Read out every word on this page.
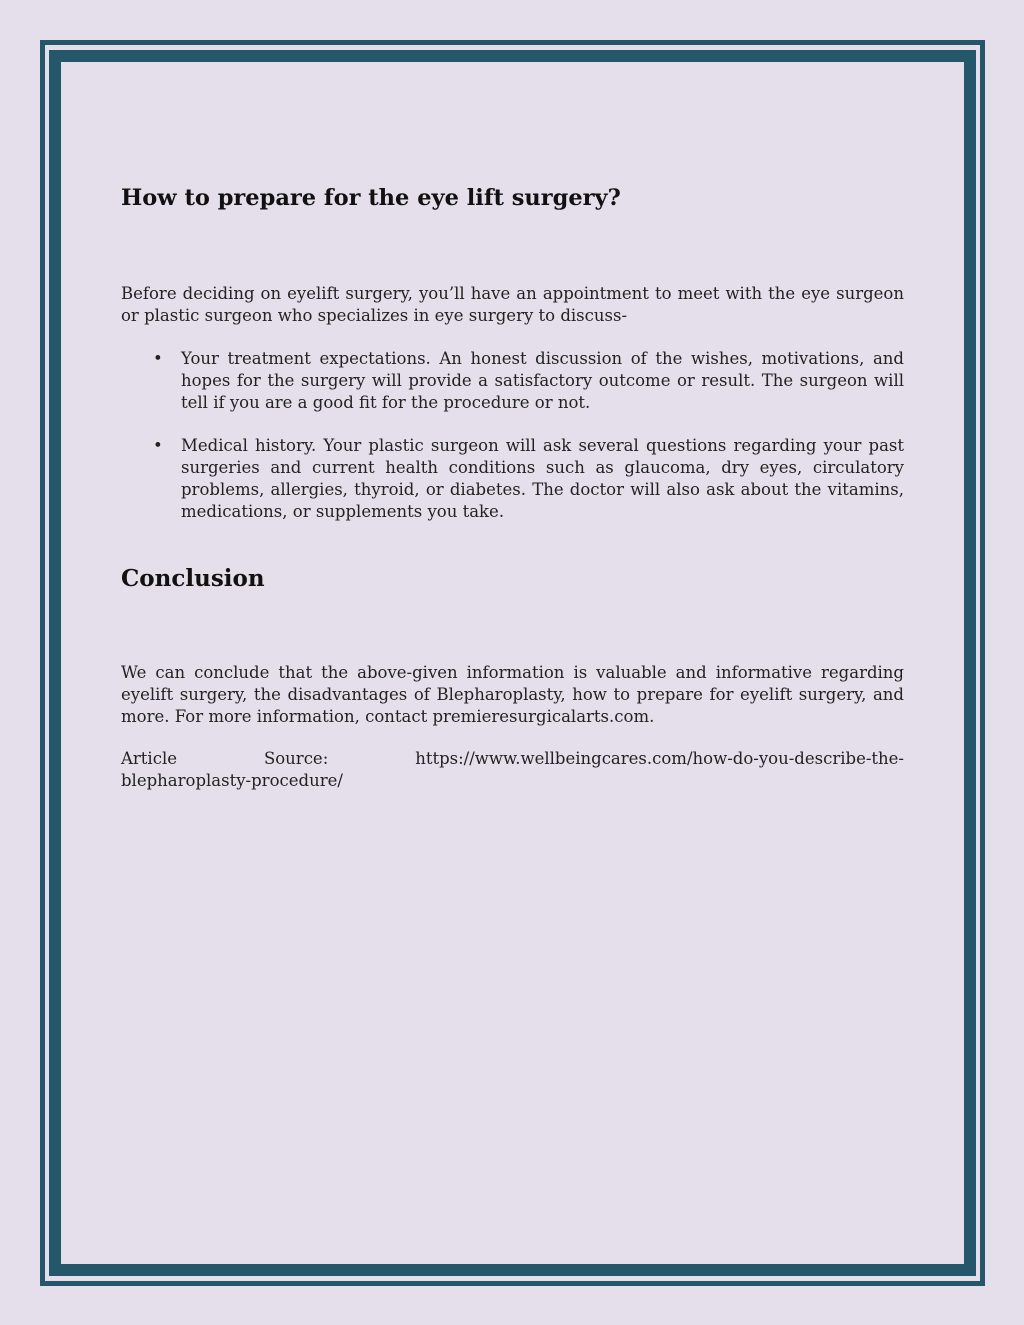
How to prepare for the eye lift surgery?

Before deciding on eyelift surgery, you’ll have an appointment to meet with the eye surgeon or plastic surgeon who specializes in eye surgery to discuss-

• Your treatment expectations. An honest discussion of the wishes, motivations, and hopes for the surgery will provide a satisfactory outcome or result. The surgeon will tell if you are a good fit for the procedure or not.
• Medical history. Your plastic surgeon will ask several questions regarding your past surgeries and current health conditions such as glaucoma, dry eyes, circulatory problems, allergies, thyroid, or diabetes. The doctor will also ask about the vitamins, medications, or supplements you take.
Conclusion

We can conclude that the above-given information is valuable and informative regarding eyelift surgery, the disadvantages of Blepharoplasty, how to prepare for eyelift surgery, and more. For more information, contact premieresurgicalarts.com.

Article	Source:	https://www.wellbeingcares.com/how-do-you-describe-the-
blepharoplasty-procedure/
